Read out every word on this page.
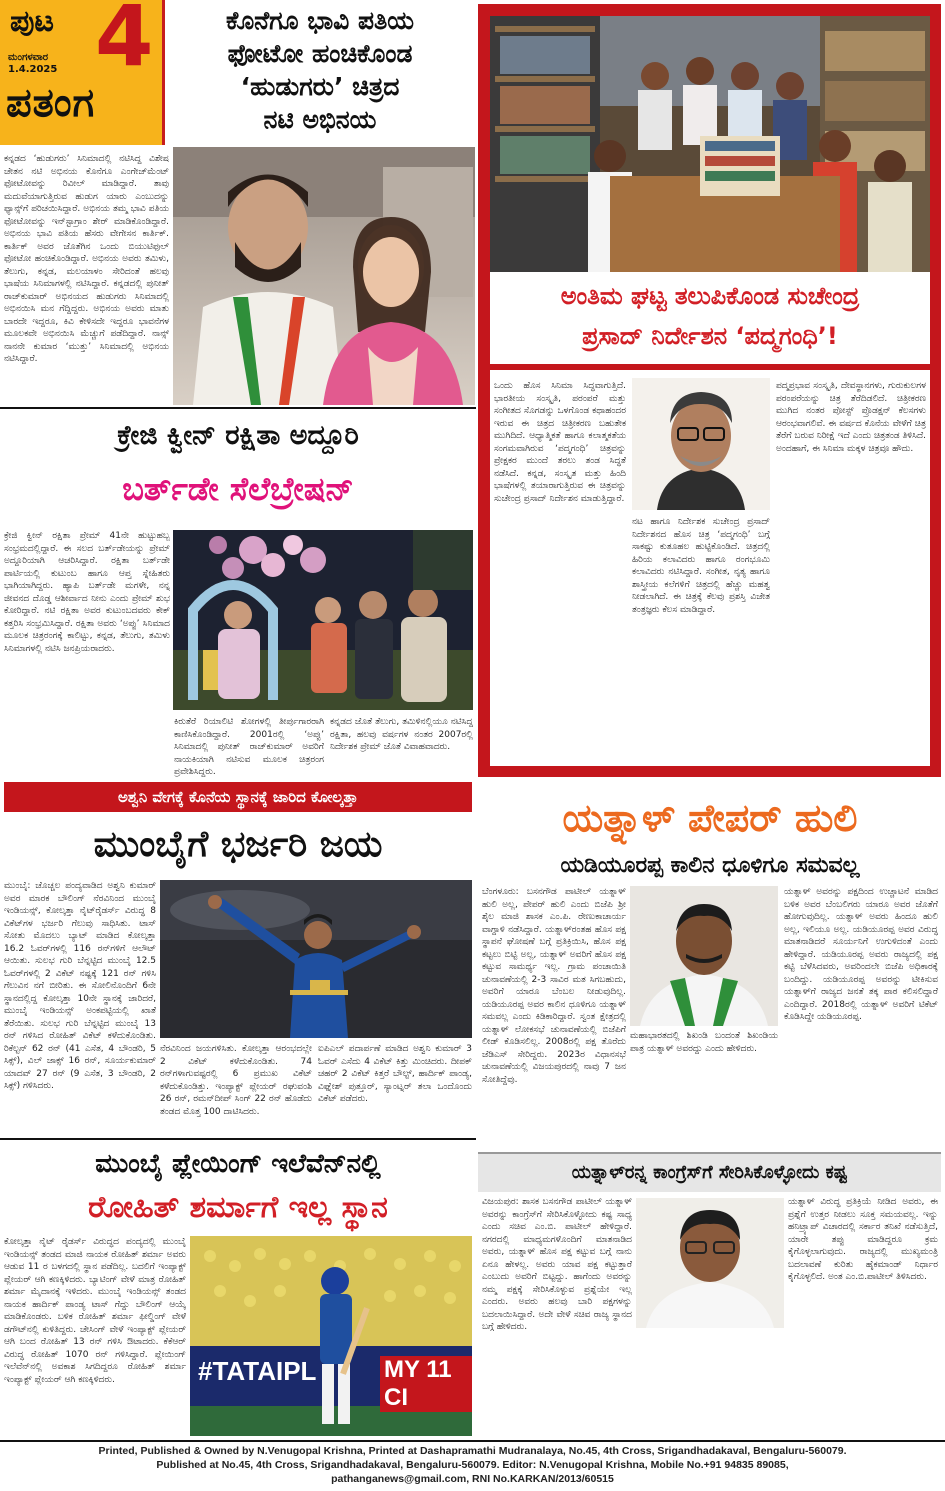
ಪುಟ 4
ಮಂಗಳವಾರ
1.4.2025
ಪತಂಗ
ಕೊನೆಗೂ ಭಾವಿ ಪತಿಯ
ಫೋಟೋ ಹಂಚಿಕೊಂಡ
‘ಹುಡುಗರು’ ಚಿತ್ರದ
ನಟಿ ಅಭಿನಯ
ಕನ್ನಡದ ‘ಹುಡುಗರು’ ಸಿನಿಮಾದಲ್ಲಿ ನಟಿಸಿದ್ದ ವಿಶೇಷ ಚೇತನ ನಟಿ ಅಭಿನಯ ಕೊನೆಗೂ ಎಂಗೇಜ್‌ಮೆಂಟ್ ಫೋಟೋವನ್ನು ರಿವೀಲ್ ಮಾಡಿದ್ದಾರೆ. ತಾವು ಮದುವೆಯಾಗುತ್ತಿರುವ ಹುಡುಗ ಯಾರು ಎಂಬುದನ್ನು ಫ್ಯಾನ್ಸ್‌ಗೆ ಪರಿಚಯಿಸಿದ್ದಾರೆ. ಅಭಿನಯ ತಮ್ಮ ಭಾವಿ ಪತಿಯ ಫೋಟೋವನ್ನು ಇನ್‌ಸ್ಟಾಗ್ರಾಂ ಶೇರ್ ಮಾಡಿಕೊಂಡಿದ್ದಾರೆ. ಅಭಿನಯ ಭಾವಿ ಪತಿಯ ಹೆಸರು ವೇಗೇಸನ ಕಾರ್ತಿಕ್. ಕಾರ್ತಿಕ್ ಅವರ ಜೊತೆಗಿನ ಒಂದು ಬಿಯುಟಿಫುಲ್ ಫೋಟೋ ಹಂಚಿಕೊಂಡಿದ್ದಾರೆ. ಅಭಿನಯ ಅವರು ತಮಿಳು, ತೆಲುಗು, ಕನ್ನಡ, ಮಲಯಾಳಂ ಸೇರಿದಂತೆ ಹಲವು ಭಾಷೆಯ ಸಿನಿಮಾಗಳಲ್ಲಿ ನಟಿಸಿದ್ದಾರೆ. ಕನ್ನಡದಲ್ಲಿ ಪುನೀತ್ ರಾಜ್‌ಕುಮಾರ್ ಅಭಿನಯದ ಹುಡುಗರು ಸಿನಿಮಾದಲ್ಲಿ ಅಭಿನಯಿಸಿ ಮನ ಗೆದ್ದಿದ್ದರು. ಅಭಿನಯ ಅವರು ಮಾತು ಬಾರದೇ ಇದ್ದರೂ, ಕಿವಿ ಕೇಳಿಸದೇ ಇದ್ದರೂ ಭಾವನೆಗಳ ಮೂಲಕವೇ ಅಭಿನಯಿಸಿ ಮೆಚ್ಚುಗೆ ಪಡೆದಿದ್ದಾರೆ. ನಾನ್ಸ್ ನಾನನೇ ಕುಮಾರ ‘ಮುತ್ತು’ ಸಿನಿಮಾದಲ್ಲಿ ಅಭಿನಯ ನಟಿಸಿದ್ದಾರೆ.
ಅಂತಿಮ ಘಟ್ಟ ತಲುಪಿಕೊಂಡ ಸುಚೇಂದ್ರ
ಪ್ರಸಾದ್ ನಿರ್ದೇಶನ ‘ಪದ್ಮಗಂಧಿ’!
ಒಂದು ಹೊಸ ಸಿನಿಮಾ ಸಿದ್ಧವಾಗುತ್ತಿದೆ. ಭಾರತೀಯ ಸಂಸ್ಕೃತಿ, ಪರಂಪರೆ ಮತ್ತು ಸಂಗೀತದ ಸೊಗಡನ್ನು ಒಳಗೊಂಡ ಕಥಾಹಂದರ ಇರುವ ಈ ಚಿತ್ರದ ಚಿತ್ರೀಕರಣ ಬಹುತೇಕ ಮುಗಿದಿದೆ. ಆಧ್ಯಾತ್ಮಿಕತೆ ಹಾಗೂ ಕಲಾತ್ಮಕತೆಯ ಸಂಗಮವಾಗಿರುವ ‘ಪದ್ಮಗಂಧಿ’ ಚಿತ್ರವನ್ನು ಪ್ರೇಕ್ಷಕರ ಮುಂದೆ ತರಲು ತಂಡ ಸಿದ್ಧತೆ ನಡೆಸಿದೆ. ಕನ್ನಡ, ಸಂಸ್ಕೃತ ಮತ್ತು ಹಿಂದಿ ಭಾಷೆಗಳಲ್ಲಿ ತಯಾರಾಗುತ್ತಿರುವ ಈ ಚಿತ್ರವನ್ನು ಸುಚೇಂದ್ರ ಪ್ರಸಾದ್ ನಿರ್ದೇಶನ ಮಾಡುತ್ತಿದ್ದಾರೆ.
ನಟ ಹಾಗೂ ನಿರ್ದೇಶಕ ಸುಚೇಂದ್ರ ಪ್ರಸಾದ್ ನಿರ್ದೇಶನದ ಹೊಸ ಚಿತ್ರ ‘ಪದ್ಮಗಂಧಿ’ ಬಗ್ಗೆ ಸಾಕಷ್ಟು ಕುತೂಹಲ ಹುಟ್ಟಿಕೊಂಡಿದೆ. ಚಿತ್ರದಲ್ಲಿ ಹಿರಿಯ ಕಲಾವಿದರು ಹಾಗೂ ರಂಗಭೂಮಿ ಕಲಾವಿದರು ನಟಿಸಿದ್ದಾರೆ. ಸಂಗೀತ, ನೃತ್ಯ ಹಾಗೂ ಶಾಸ್ತ್ರೀಯ ಕಲೆಗಳಿಗೆ ಚಿತ್ರದಲ್ಲಿ ಹೆಚ್ಚು ಮಹತ್ವ ನೀಡಲಾಗಿದೆ. ಈ ಚಿತ್ರಕ್ಕೆ ಕೆಲವು ಪ್ರಶಸ್ತಿ ವಿಜೇತ ತಂತ್ರಜ್ಞರು ಕೆಲಸ ಮಾಡಿದ್ದಾರೆ.
ಪದ್ಮಪ್ರಭಾವ ಸಂಸ್ಕೃತಿ, ದೇವಸ್ಥಾನಗಳು, ಗುರುಕುಲಗಳ ಪರಂಪರೆಯನ್ನು ಚಿತ್ರ ತೆರೆದಿಡಲಿದೆ. ಚಿತ್ರೀಕರಣ ಮುಗಿದ ನಂತರ ಪೋಸ್ಟ್ ಪ್ರೊಡಕ್ಷನ್ ಕೆಲಸಗಳು ಆರಂಭವಾಗಲಿವೆ. ಈ ವರ್ಷದ ಕೊನೆಯ ವೇಳೆಗೆ ಚಿತ್ರ ತೆರೆಗೆ ಬರುವ ನಿರೀಕ್ಷೆ ಇದೆ ಎಂದು ಚಿತ್ರತಂಡ ತಿಳಿಸಿದೆ. ಅಂದಹಾಗೆ, ಈ ಸಿನಿಮಾ ಮಕ್ಕಳ ಚಿತ್ರವೂ ಹೌದು.
ಕ್ರೇಜಿ ಕ್ವೀನ್ ರಕ್ಷಿತಾ ಅದ್ದೂರಿ
ಬರ್ತ್‌ಡೇ ಸೆಲೆಬ್ರೇಷನ್
ಕ್ರೇಜಿ ಕ್ವೀನ್ ರಕ್ಷಿತಾ ಪ್ರೇಮ್ 41ನೇ ಹುಟ್ಟುಹಬ್ಬ ಸಂಭ್ರಮದಲ್ಲಿದ್ದಾರೆ. ಈ ಸಲದ ಬರ್ತ್‌ಡೇಯನ್ನು ಪ್ರೇಮ್ ಅದ್ದೂರಿಯಾಗಿ ಆಚರಿಸಿದ್ದಾರೆ. ರಕ್ಷಿತಾ ಬರ್ತ್‌ಡೇ ಪಾರ್ಟಿಯಲ್ಲಿ ಕುಟುಂಬ ಹಾಗೂ ಆಪ್ತ ಸ್ನೇಹಿತರು ಭಾಗಿಯಾಗಿದ್ದರು. ಹ್ಯಾಪಿ ಬರ್ತ್‌ಡೇ ಮಗಳೇ, ನನ್ನ ಜೀವನದ ದೊಡ್ಡ ಆಶೀರ್ವಾದ ನೀನು ಎಂದು ಪ್ರೇಮ್ ಶುಭ ಕೋರಿದ್ದಾರೆ. ನಟಿ ರಕ್ಷಿತಾ ಅವರ ಕುಟುಂಬದವರು ಕೇಕ್ ಕತ್ತರಿಸಿ ಸಂಭ್ರಮಿಸಿದ್ದಾರೆ. ರಕ್ಷಿತಾ ಅವರು ‘ಅಪ್ಪು’ ಸಿನಿಮಾದ ಮೂಲಕ ಚಿತ್ರರಂಗಕ್ಕೆ ಕಾಲಿಟ್ಟು, ಕನ್ನಡ, ತೆಲುಗು, ತಮಿಳು ಸಿನಿಮಾಗಳಲ್ಲಿ ನಟಿಸಿ ಜನಪ್ರಿಯರಾದರು.
ಕಿರುತೆರೆ ರಿಯಾಲಿಟಿ ಶೋಗಳಲ್ಲಿ ತೀರ್ಪುಗಾರರಾಗಿ ಕಾಣಿಸಿಕೊಂಡಿದ್ದಾರೆ. 2001ರಲ್ಲಿ ‘ಅಪ್ಪು’ ಸಿನಿಮಾದಲ್ಲಿ ಪುನೀತ್ ರಾಜ್‌ಕುಮಾರ್ ಅವರಿಗೆ ನಾಯಕಿಯಾಗಿ ನಟಿಸುವ ಮೂಲಕ ಚಿತ್ರರಂಗ ಪ್ರವೇಶಿಸಿದ್ದರು.
ಕನ್ನಡದ ಜೊತೆ ತೆಲುಗು, ತಮಿಳಿನಲ್ಲಿಯೂ ನಟಿಸಿದ್ದ ರಕ್ಷಿತಾ, ಹಲವು ವರ್ಷಗಳ ನಂತರ 2007ರಲ್ಲಿ ನಿರ್ದೇಶಕ ಪ್ರೇಮ್ ಜೊತೆ ವಿವಾಹವಾದರು.
ಅಶ್ವನಿ ವೇಗಕ್ಕೆ ಕೊನೆಯ ಸ್ಥಾನಕ್ಕೆ ಜಾರಿದ ಕೋಲ್ಕತ್ತಾ
ಮುಂಬೈಗೆ ಭರ್ಜರಿ ಜಯ
ಮುಂಬೈ: ಚೊಚ್ಚಲ ಪಂದ್ಯವಾಡಿದ ಅಶ್ವನಿ ಕುಮಾರ್ ಅವರ ಮಾರಕ ಬೌಲಿಂಗ್ ನೆರವಿನಿಂದ ಮುಂಬೈ ಇಂಡಿಯನ್ಸ್, ಕೋಲ್ಕತ್ತಾ ನೈಟ್‌ರೈಡರ್ಸ್ ವಿರುದ್ಧ 8 ವಿಕೆಟ್‌ಗಳ ಭರ್ಜರಿ ಗೆಲುವು ಸಾಧಿಸಿತು. ಟಾಸ್ ಸೋತು ಮೊದಲು ಬ್ಯಾಟ್ ಮಾಡಿದ ಕೋಲ್ಕತ್ತಾ 16.2 ಓವರ್‌ಗಳಲ್ಲಿ 116 ರನ್‌ಗಳಿಗೆ ಆಲೌಟ್ ಆಯಿತು. ಸುಲಭ ಗುರಿ ಬೆನ್ನಟ್ಟಿದ ಮುಂಬೈ 12.5 ಓವರ್‌ಗಳಲ್ಲಿ 2 ವಿಕೆಟ್ ನಷ್ಟಕ್ಕೆ 121 ರನ್ ಗಳಿಸಿ ಗೆಲುವಿನ ನಗೆ ಬೀರಿತು. ಈ ಸೋಲಿನೊಂದಿಗೆ 6ನೇ ಸ್ಥಾನದಲ್ಲಿದ್ದ ಕೋಲ್ಕತ್ತಾ 10ನೇ ಸ್ಥಾನಕ್ಕೆ ಜಾರಿದರೆ, ಮುಂಬೈ ಇಂಡಿಯನ್ಸ್ ಅಂಕಪಟ್ಟಿಯಲ್ಲಿ ಖಾತೆ ತೆರೆಯಿತು. ಸುಲಭ ಗುರಿ ಬೆನ್ನಟ್ಟಿದ ಮುಂಬೈ 13 ರನ್ ಗಳಿಸಿದ ರೋಹಿತ್ ವಿಕೆಟ್ ಕಳೆದುಕೊಂಡಿತು. ರಿಕೆಲ್ಟನ್ 62 ರನ್ (41 ಎಸೆತ, 4 ಬೌಂಡರಿ, 5 ಸಿಕ್ಸ್), ವಿಲ್ ಜಾಕ್ಸ್ 16 ರನ್, ಸೂರ್ಯಕುಮಾರ್ ಯಾದವ್ 27 ರನ್ (9 ಎಸೆತ, 3 ಬೌಂಡರಿ, 2 ಸಿಕ್ಸ್) ಗಳಿಸಿದರು.
ನೆರವಿನಿಂದ ಜಯಗಳಿಸಿತು. ಕೋಲ್ಕತ್ತಾ ಆರಂಭದಲ್ಲೇ 2 ವಿಕೆಟ್ ಕಳೆದುಕೊಂಡಿತು. 74 ರನ್‌ಗಳಾಗುವಷ್ಟರಲ್ಲಿ 6 ಪ್ರಮುಖ ವಿಕೆಟ್ ಕಳೆದುಕೊಂಡಿತ್ತು. ಇಂಪ್ಯಾಕ್ಟ್ ಪ್ಲೇಯರ್ ರಘುವಂಶಿ 26 ರನ್, ರಮನ್‌ದೀಪ್ ಸಿಂಗ್ 22 ರನ್ ಹೊಡೆದು ತಂಡದ ಮೊತ್ತ 100 ದಾಟಿಸಿದರು.
ಐಪಿಎಲ್ ಪದಾರ್ಪಣೆ ಮಾಡಿದ ಅಶ್ವನಿ ಕುಮಾರ್ 3 ಓವರ್ ಎಸೆದು 4 ವಿಕೆಟ್ ಕಿತ್ತು ಮಿಂಚಿದರು. ದೀಪಕ್ ಚಹರ್ 2 ವಿಕೆಟ್ ಕಿತ್ತರೆ ಬೌಲ್ಟ್, ಹಾರ್ದಿಕ್ ಪಾಂಡ್ಯ, ವಿಘ್ನೇಶ್ ಪುತ್ತೂರ್, ಸ್ಯಾಂಟ್ನರ್ ತಲಾ ಒಂದೊಂದು ವಿಕೆಟ್ ಪಡೆದರು.
ಮುಂಬೈ ಪ್ಲೇಯಿಂಗ್ ಇಲೆವೆನ್‌ನಲ್ಲಿ
ರೋಹಿತ್ ಶರ್ಮಾಗೆ ಇಲ್ಲ ಸ್ಥಾನ
ಕೋಲ್ಕತ್ತಾ ನೈಟ್ ರೈಡರ್ಸ್ ವಿರುದ್ಧದ ಪಂದ್ಯದಲ್ಲಿ ಮುಂಬೈ ಇಂಡಿಯನ್ಸ್ ತಂಡದ ಮಾಜಿ ನಾಯಕ ರೋಹಿತ್ ಶರ್ಮಾ ಅವರು ಆಡುವ 11 ರ ಬಳಗದಲ್ಲಿ ಸ್ಥಾನ ಪಡೆದಿಲ್ಲ. ಬದಲಿಗೆ ಇಂಪ್ಯಾಕ್ಟ್ ಪ್ಲೇಯರ್ ಆಗಿ ಕಣಕ್ಕಿಳಿದರು. ಬ್ಯಾಟಿಂಗ್ ವೇಳೆ ಮಾತ್ರ ರೋಹಿತ್ ಶರ್ಮಾ ಮೈದಾನಕ್ಕೆ ಇಳಿದರು. ಮುಂಬೈ ಇಂಡಿಯನ್ಸ್ ತಂಡದ ನಾಯಕ ಹಾರ್ದಿಕ್ ಪಾಂಡ್ಯ ಟಾಸ್ ಗೆದ್ದು ಬೌಲಿಂಗ್ ಆಯ್ಕೆ ಮಾಡಿಕೊಂಡರು. ಬಳಿಕ ರೋಹಿತ್ ಶರ್ಮಾ ಫೀಲ್ಡಿಂಗ್ ವೇಳೆ ಡಗೌಟ್‌ನಲ್ಲಿ ಕುಳಿತಿದ್ದರು. ಚೇಸಿಂಗ್ ವೇಳೆ ಇಂಪ್ಯಾಕ್ಟ್ ಪ್ಲೇಯರ್ ಆಗಿ ಬಂದ ರೋಹಿತ್ 13 ರನ್ ಗಳಿಸಿ ಔಟಾದರು. ಕೆಕೆಆರ್ ವಿರುದ್ಧ ರೋಹಿತ್ 1070 ರನ್ ಗಳಿಸಿದ್ದಾರೆ. ಪ್ಲೇಯಿಂಗ್ ಇಲೆವೆನ್‌ನಲ್ಲಿ ಅವಕಾಶ ಸಿಗದಿದ್ದರೂ ರೋಹಿತ್ ಶರ್ಮಾ ಇಂಪ್ಯಾಕ್ಟ್ ಪ್ಲೇಯರ್ ಆಗಿ ಕಣಕ್ಕಿಳಿದರು.	#TATAIPL	MY 11 CI
ಯತ್ನಾಳ್ ಪೇಪರ್ ಹುಲಿ
ಯಡಿಯೂರಪ್ಪ ಕಾಲಿನ ಧೂಳಿಗೂ ಸಮವಲ್ಲ
ಬೆಂಗಳೂರು: ಬಸನಗೌಡ ಪಾಟೀಲ್ ಯತ್ನಾಳ್ ಹುಲಿ ಅಲ್ಲ, ಪೇಪರ್ ಹುಲಿ ಎಂದು ಬಿಜೆಪಿ ಶ್ರೀ ಶೈಲ ಮಾಜಿ ಶಾಸಕ ಎಂ.ಪಿ. ರೇಣುಕಾಚಾರ್ಯ ವಾಗ್ದಾಳಿ ನಡೆಸಿದ್ದಾರೆ. ಯತ್ನಾಳ್‌ರಂತಹ ಹೊಸ ಪಕ್ಷ ಸ್ಥಾಪನೆ ಘೋಷಣೆ ಬಗ್ಗೆ ಪ್ರತಿಕ್ರಿಯಿಸಿ, ಹೊಸ ಪಕ್ಷ ಕಟ್ಟಲು ಬಿಟ್ಟಿ ಅಲ್ಲ, ಯತ್ನಾಳ್ ಅವರಿಗೆ ಹೊಸ ಪಕ್ಷ ಕಟ್ಟುವ ಸಾಮರ್ಥ್ಯ ಇಲ್ಲ. ಗ್ರಾಮ ಪಂಚಾಯಿತಿ ಚುನಾವಣೆಯಲ್ಲಿ 2-3 ಸಾವಿರ ಮತ ಸಿಗಬಹುದು, ಅವರಿಗೆ ಯಾರೂ ಬೆಂಬಲ ನೀಡುವುದಿಲ್ಲ. ಯಡಿಯೂರಪ್ಪ ಅವರ ಕಾಲಿನ ಧೂಳಿಗೂ ಯತ್ನಾಳ್ ಸಮವಲ್ಲ ಎಂದು ಕಿಡಿಕಾರಿದ್ದಾರೆ. ಸ್ವಂತ ಕ್ಷೇತ್ರದಲ್ಲಿ ಯತ್ನಾಳ್ ಲೋಕಸಭೆ ಚುನಾವಣೆಯಲ್ಲಿ ಬಿಜೆಪಿಗೆ ಲೀಡ್ ಕೊಡಿಸಲಿಲ್ಲ. 2008ರಲ್ಲಿ ಪಕ್ಷ ತೊರೆದು ಜೆಡಿಎಸ್ ಸೇರಿದ್ದರು. 2023ರ ವಿಧಾನಸಭೆ ಚುನಾವಣೆಯಲ್ಲಿ ವಿಜಯಪುರದಲ್ಲಿ ನಾವು 7 ಜನ ಸೋತಿದ್ದೆವು.
ಮಹಾಭಾರತದಲ್ಲಿ ಶಿಖಂಡಿ ಬಂದಂತೆ ಶಿಖಂಡಿಯ ಪಾತ್ರ ಯತ್ನಾಳ್ ಅವರದ್ದು ಎಂದು ಹೇಳಿದರು.
ಯತ್ನಾಳ್ ಅವರನ್ನು ಪಕ್ಷದಿಂದ ಉಚ್ಚಾಟನೆ ಮಾಡಿದ ಬಳಿಕ ಅವರ ಬೆಂಬಲಿಗರು ಯಾರೂ ಅವರ ಜೊತೆಗೆ ಹೋಗುವುದಿಲ್ಲ. ಯತ್ನಾಳ್ ಅವರು ಹಿಂದೂ ಹುಲಿ ಅಲ್ಲ, ಇಲಿಯೂ ಅಲ್ಲ. ಯಡಿಯೂರಪ್ಪ ಅವರ ವಿರುದ್ಧ ಮಾತನಾಡಿದರೆ ಸೂರ್ಯನಿಗೆ ಉಗುಳಿದಂತೆ ಎಂದು ಹೇಳಿದ್ದಾರೆ. ಯಡಿಯೂರಪ್ಪ ಅವರು ರಾಜ್ಯದಲ್ಲಿ ಪಕ್ಷ ಕಟ್ಟಿ ಬೆಳೆಸಿದವರು, ಅವರಿಂದಲೇ ಬಿಜೆಪಿ ಅಧಿಕಾರಕ್ಕೆ ಬಂದಿದ್ದು. ಯಡಿಯೂರಪ್ಪ ಅವರನ್ನು ಟೀಕಿಸುವ ಯತ್ನಾಳ್‌ಗೆ ರಾಜ್ಯದ ಜನತೆ ತಕ್ಕ ಪಾಠ ಕಲಿಸಲಿದ್ದಾರೆ ಎಂದಿದ್ದಾರೆ. 2018ರಲ್ಲಿ ಯತ್ನಾಳ್ ಅವರಿಗೆ ಟಿಕೆಟ್ ಕೊಡಿಸಿದ್ದೇ ಯಡಿಯೂರಪ್ಪ.
ಯತ್ನಾಳ್‌ರನ್ನ ಕಾಂಗ್ರೆಸ್‌ಗೆ ಸೇರಿಸಿಕೊಳ್ಳೋದು ಕಷ್ಟ
ವಿಜಯಪುರ: ಶಾಸಕ ಬಸನಗೌಡ ಪಾಟೀಲ್ ಯತ್ನಾಳ್ ಅವರನ್ನು ಕಾಂಗ್ರೆಸ್‌ಗೆ ಸೇರಿಸಿಕೊಳ್ಳೋದು ಕಷ್ಟ ಸಾಧ್ಯ ಎಂದು ಸಚಿವ ಎಂ.ಬಿ. ಪಾಟೀಲ್ ಹೇಳಿದ್ದಾರೆ. ನಗರದಲ್ಲಿ ಮಾಧ್ಯಮಗಳೊಂದಿಗೆ ಮಾತನಾಡಿದ ಅವರು, ಯತ್ನಾಳ್ ಹೊಸ ಪಕ್ಷ ಕಟ್ಟುವ ಬಗ್ಗೆ ನಾನು ಏನೂ ಹೇಳಲ್ಲ. ಅವರು ಯಾವ ಪಕ್ಷ ಕಟ್ಟುತ್ತಾರೆ ಎಂಬುದು ಅವರಿಗೆ ಬಿಟ್ಟದ್ದು. ಹಾಗೆಂದು ಅವರನ್ನು ನಮ್ಮ ಪಕ್ಷಕ್ಕೆ ಸೇರಿಸಿಕೊಳ್ಳುವ ಪ್ರಶ್ನೆಯೇ ಇಲ್ಲ ಎಂದರು. ಅವರು ಹಲವು ಬಾರಿ ಪಕ್ಷಗಳನ್ನು ಬದಲಾಯಿಸಿದ್ದಾರೆ. ಅದೇ ವೇಳೆ ಸಚಿವ ರಾಜ್ಯ ಸ್ಥಾನದ ಬಗ್ಗೆ ಹೇಳಿದರು.
ಯತ್ನಾಳ್ ವಿರುದ್ಧ ಪ್ರತಿಕ್ರಿಯೆ ನೀಡಿದ ಅವರು, ಈ ಪ್ರಶ್ನೆಗೆ ಉತ್ತರ ನೀಡಲು ಸೂಕ್ತ ಸಮಯವಲ್ಲ. ಇನ್ನು ಹನಿಟ್ರ್ಯಾಪ್ ವಿಚಾರದಲ್ಲಿ ಸರ್ಕಾರ ತನಿಖೆ ನಡೆಸುತ್ತಿದೆ, ಯಾರೇ ತಪ್ಪು ಮಾಡಿದ್ದರೂ ಕ್ರಮ ಕೈಗೊಳ್ಳಲಾಗುವುದು. ರಾಜ್ಯದಲ್ಲಿ ಮುಖ್ಯಮಂತ್ರಿ ಬದಲಾವಣೆ ಕುರಿತು ಹೈಕಮಾಂಡ್ ನಿರ್ಧಾರ ಕೈಗೊಳ್ಳಲಿದೆ. ಅಂತ ಎಂ.ಬಿ.ಪಾಟೀಲ್ ತಿಳಿಸಿದರು.
Printed, Published & Owned by N.Venugopal Krishna, Printed at Dashapramathi Mudranalaya, No.45, 4th Cross, Srigandhadakaval, Bengaluru-560079.
Published at No.45, 4th Cross, Srigandhadakaval, Bengaluru-560079. Editor: N.Venugopal Krishna, Mobile No.+91 94835 89085,
pathanganews@gmail.com, RNI No.KARKAN/2013/60515
